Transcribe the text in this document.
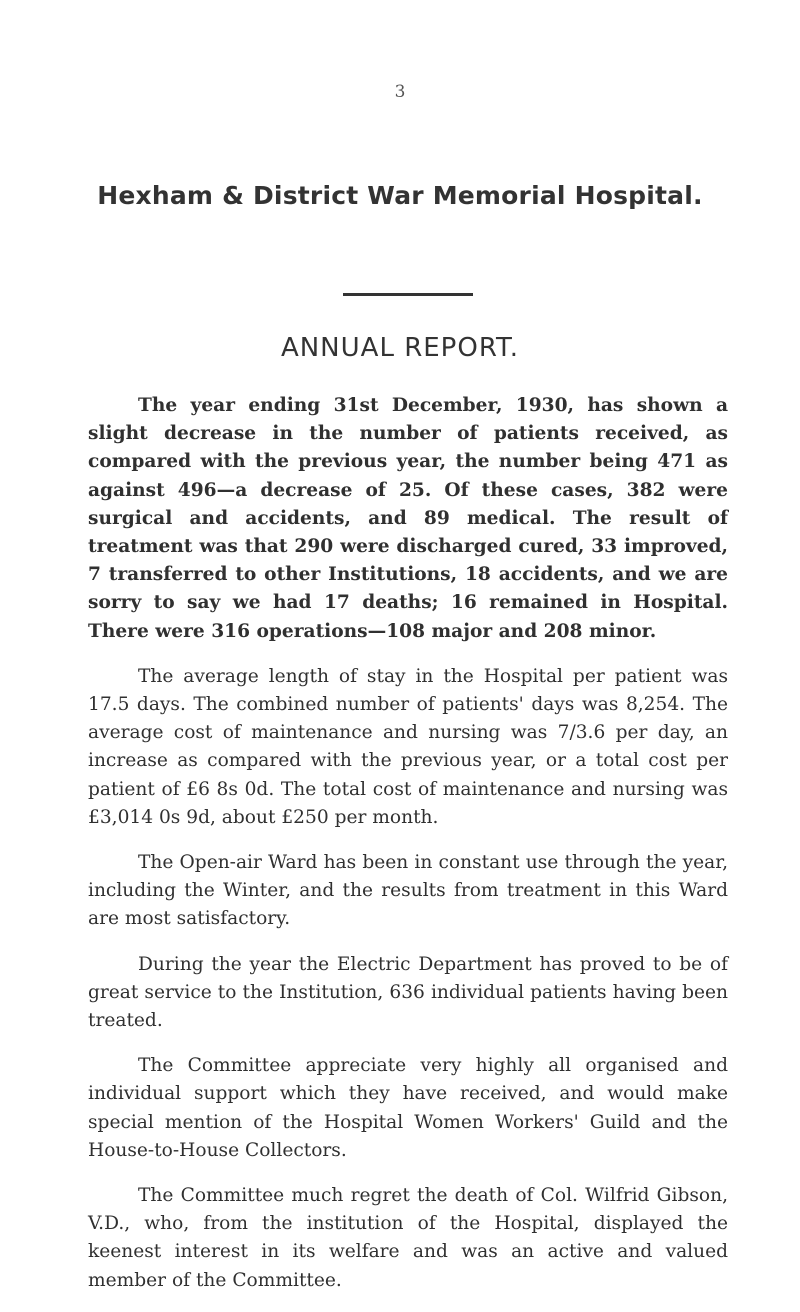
3
Hexham & District War Memorial Hospital.
ANNUAL REPORT.

The year ending 31st December, 1930, has shown a slight decrease in the number of patients received, as compared with the previous year, the number being 471 as against 496—a decrease of 25. Of these cases, 382 were surgical and accidents, and 89 medical. The result of treatment was that 290 were discharged cured, 33 improved, 7 transferred to other Institutions, 18 accidents, and we are sorry to say we had 17 deaths; 16 remained in Hospital. There were 316 operations—108 major and 208 minor.

The average length of stay in the Hospital per patient was 17.5 days. The combined number of patients' days was 8,254. The average cost of maintenance and nursing was 7/3.6 per day, an increase as compared with the previous year, or a total cost per patient of £6 8s 0d. The total cost of maintenance and nursing was £3,014 0s 9d, about £250 per month.

The Open-air Ward has been in constant use through the year, including the Winter, and the results from treatment in this Ward are most satisfactory.

During the year the Electric Department has proved to be of great service to the Institution, 636 individual patients having been treated.

The Committee appreciate very highly all organised and individual support which they have received, and would make special mention of the Hospital Women Workers' Guild and the House-to-House Collectors.

The Committee much regret the death of Col. Wilfrid Gibson, V.D., who, from the institution of the Hospital, displayed the keenest interest in its welfare and was an active and valued member of the Committee.
